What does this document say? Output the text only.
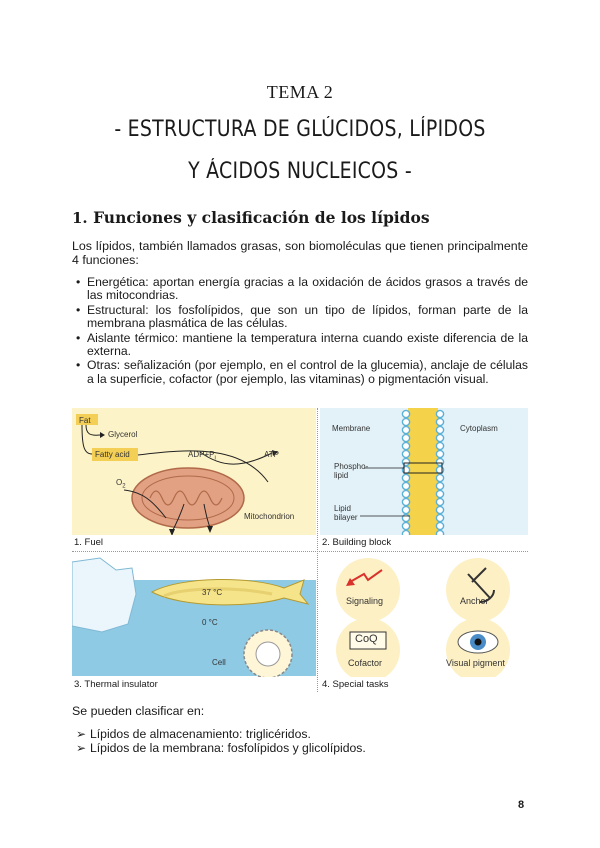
TEMA 2
- ESTRUCTURA DE GLÚCIDOS, LÍPIDOS
Y ÁCIDOS NUCLEICOS -
1. Funciones y clasificación de los lípidos
Los lípidos, también llamados grasas, son biomoléculas que tienen principalmente 4 funciones:
• Energética: aportan energía gracias a la oxidación de ácidos grasos a través de las mitocondrias.
• Estructural: los fosfolípidos, que son un tipo de lípidos, forman parte de la membrana plasmática de las células.
• Aislante térmico: mantiene la temperatura interna cuando existe diferencia de la externa.
• Otras: señalización (por ejemplo, en el control de la glucemia), anclaje de células a la superficie, cofactor (por ejemplo, las vitaminas) o pigmentación visual.
Fat
Glycerol
Fatty acid	$ADP+P_i$	ATP
$O_2$
Mitochondrion
1. Fuel
Membrane	Cytoplasm
Phospho-
lipid
Lipid
bilayer
2. Building block
37 °C
0 °C
Cell
3. Thermal insulator
Signaling	Anchor
CoQ
Cofactor	Visual pigment
4. Special tasks
Se pueden clasificar en:
➢ Lípidos de almacenamiento: triglicéridos.
➢ Lípidos de la membrana: fosfolípidos y glicolípidos.
8
